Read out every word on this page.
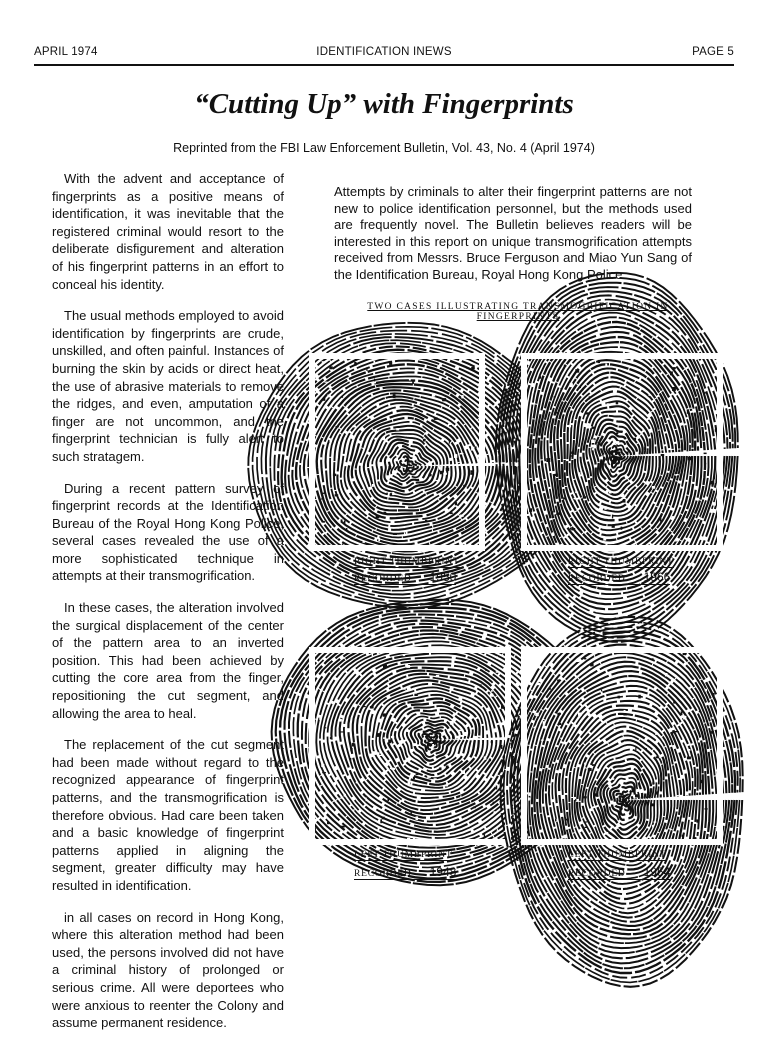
APRIL 1974	IDENTIFICATION INEWS	PAGE 5
“Cutting Up” with Fingerprints
Reprinted from the FBI Law Enforcement Bulletin, Vol. 43, No. 4 (April 1974)

With the advent and acceptance of fingerprints as a positive means of identification, it was inevitable that the registered criminal would resort to the deliberate disfigurement and alteration of his fingerprint patterns in an effort to conceal his identity.

The usual methods employed to avoid identification by fingerprints are crude, unskilled, and often painful. Instances of burning the skin by acids or direct heat, the use of abrasive materials to remove the ridges, and even, amputation of a finger are not uncommon, and the fingerprint technician is fully alert to such stratagem.

During a recent pattern survey of fingerprint records at the Identification Bureau of the Royal Hong Kong Police, several cases revealed the use of a more sophisticated technique in attempts at their transmogrification.

In these cases, the alteration involved the surgical displacement of the center of the pattern area to an inverted position. This had been achieved by cutting the core area from the finger, repositioning the cut segment, and allowing the area to heal.

The replacement of the cut segment had been made without regard to the recognized appearance of fingerprint patterns, and the transmogrification is therefore obvious. Had care been taken and a basic knowledge of fingerprint patterns applied in aligning the segment, greater difficulty may have resulted in identification.

in all cases on record in Hong Kong, where this alteration method had been used, the persons involved did not have a criminal history of prolonged or serious crime. All were deportees who were anxious to reenter the Colony and assume permanent residence.

Attempts by criminals to alter their fingerprint patterns are not new to police identification personnel, but the methods used are frequently novel. The Bulletin believes readers will be interested in this report on unique transmogrification attempts received from Messrs. Bruce Ferguson and Miao Yun Sang of the Identification Bureau, Royal Hong Kong Police.
TWO CASES ILLUSTRATING TRANSMOGRIFICATION IN FINGERPRINTS
RIGHT THUMBPRINT
RECORDED 1950
RIGHT THUMBPRINT
RECORDED 1966
LEFT THUMBPRINT
RECORDED 1948
LEFT THUMBPRINT
RECORDED 1954
